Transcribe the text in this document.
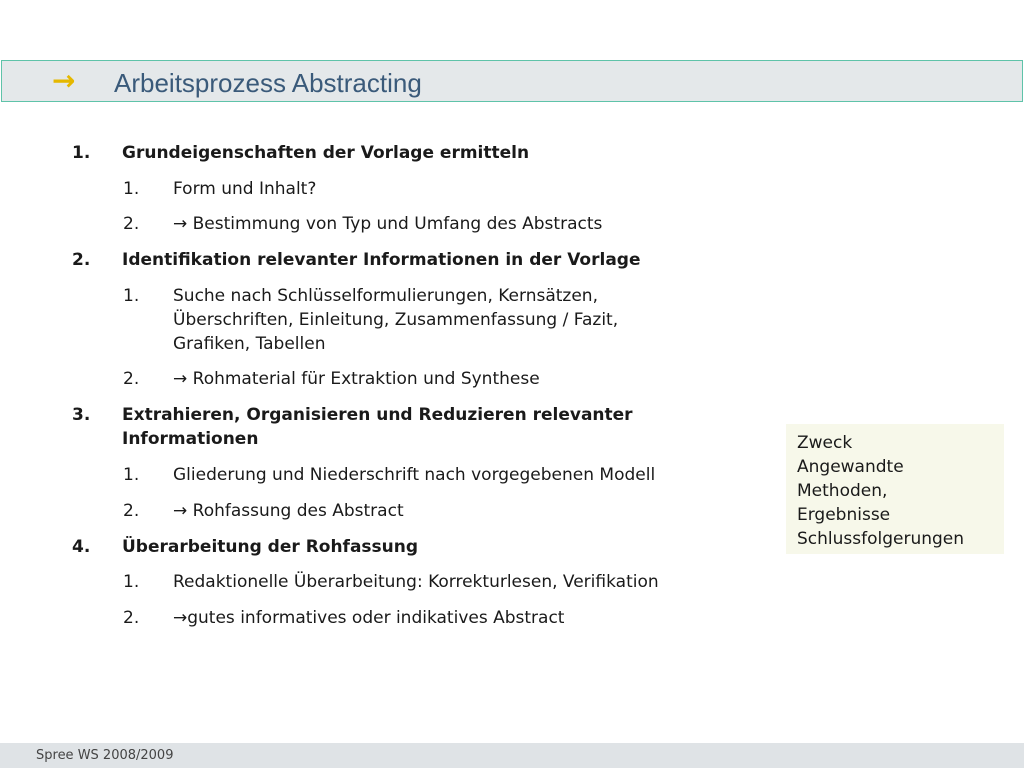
→ Arbeitsprozess Abstracting
1. Grundeigenschaften der Vorlage ermitteln
1. Form und Inhalt?
2. → Bestimmung von Typ und Umfang des Abstracts
2. Identifikation relevanter Informationen in der Vorlage
1. Suche nach Schlüsselformulierungen, Kernsätzen,
Überschriften, Einleitung, Zusammenfassung / Fazit,
Grafiken, Tabellen
2. → Rohmaterial für Extraktion und Synthese
3. Extrahieren, Organisieren und Reduzieren relevanter
Informationen
1. Gliederung und Niederschrift nach vorgegebenen Modell
2. → Rohfassung des Abstract
4. Überarbeitung der Rohfassung
1. Redaktionelle Überarbeitung: Korrekturlesen, Verifikation
2. →gutes informatives oder indikatives Abstract
Zweck
Angewandte
Methoden,
Ergebnisse
Schlussfolgerungen
Spree WS 2008/2009
